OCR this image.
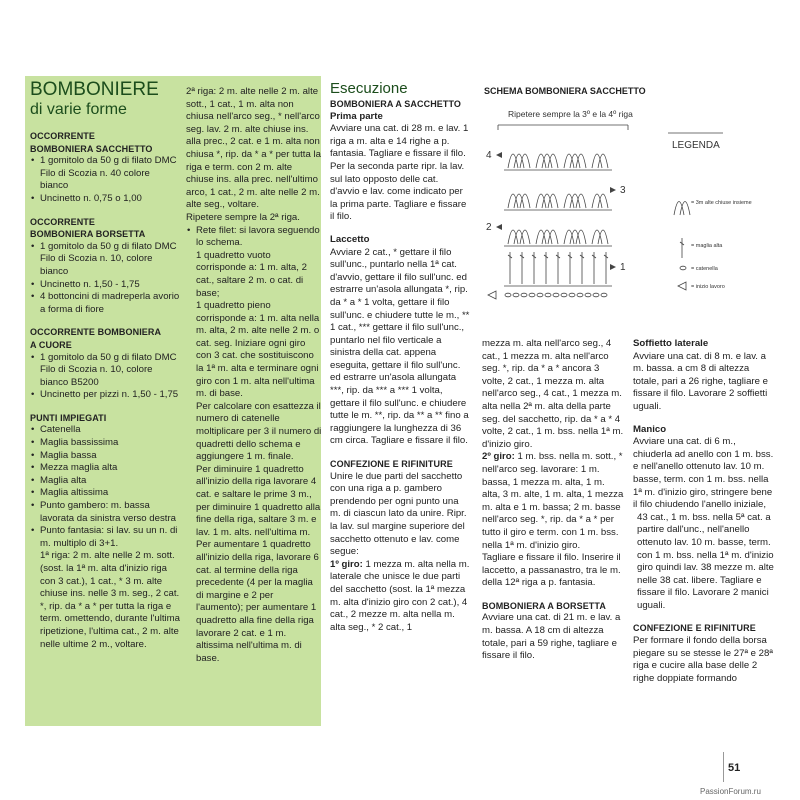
BOMBONIERE
di varie forme
OCCORRENTE
BOMBONIERA SACCHETTO
• 1 gomitolo da 50 g di filato DMC Filo di Scozia n. 40 colore bianco
• Uncinetto n. 0,75 o 1,00
OCCORRENTE
BOMBONIERA BORSETTA
• 1 gomitolo da 50 g di filato DMC Filo di Scozia n. 10, colore bianco
• Uncinetto n. 1,50 - 1,75
• 4 bottoncini di madreperla avorio a forma di fiore
OCCORRENTE BOMBONIERA
A CUORE
• 1 gomitolo da 50 g di filato DMC Filo di Scozia n. 10, colore bianco B5200
• Uncinetto per pizzi n. 1,50 - 1,75
PUNTI IMPIEGATI
• Catenella
• Maglia bassissima
• Maglia bassa
• Mezza maglia alta
• Maglia alta
• Maglia altissima
• Punto gambero: m. bassa lavorata da sinistra verso destra
• Punto fantasia: si lav. su un n. di m. multiplo di 3+1.

1ª riga: 2 m. alte nelle 2 m. sott. (sost. la 1ª m. alta d'inizio riga con 3 cat.), 1 cat., * 3 m. alte chiuse ins. nelle 3 m. seg., 2 cat. *, rip. da * a * per tutta la riga e term. omettendo, durante l'ultima ripetizione, l'ultima cat., 2 m. alte nelle ultime 2 m., voltare.

2ª riga: 2 m. alte nelle 2 m. alte sott., 1 cat., 1 m. alta non chiusa nell'arco seg., * nell'arco seg. lav. 2 m. alte chiuse ins. alla prec., 2 cat. e 1 m. alta non chiusa *, rip. da * a * per tutta la riga e term. con 2 m. alte chiuse ins. alla prec. nell'ultimo arco, 1 cat., 2 m. alte nelle 2 m. alte seg., voltare.

Ripetere sempre la 2ª riga.

• Rete filet: si lavora seguendo lo schema.

1 quadretto vuoto corrisponde a: 1 m. alta, 2 cat., saltare 2 m. o cat. di base;

1 quadretto pieno corrisponde a: 1 m. alta nella m. alta, 2 m. alte nelle 2 m. o cat. seg. Iniziare ogni giro con 3 cat. che sostituiscono la 1ª m. alta e terminare ogni giro con 1 m. alta nell'ultima m. di base.

Per calcolare con esattezza il numero di catenelle moltiplicare per 3 il numero di quadretti dello schema e aggiungere 1 m. finale.

Per diminuire 1 quadretto all'inizio della riga lavorare 4 cat. e saltare le prime 3 m., per diminuire 1 quadretto alla fine della riga, saltare 3 m. e lav. 1 m. alts. nell'ultima m.

Per aumentare 1 quadretto all'inizio della riga, lavorare 6 cat. al termine della riga precedente (4 per la maglia di margine e 2 per l'aumento); per aumentare 1 quadretto alla fine della riga lavorare 2 cat. e 1 m. altissima nell'ultima m. di base.

Esecuzione
BOMBONIERA A SACCHETTO
Prima parte

Avviare una cat. di 28 m. e lav. 1 riga a m. alta e 14 righe a p. fantasia. Tagliare e fissare il filo. Per la seconda parte ripr. la lav. sul lato opposto delle cat. d'avvio e lav. come indicato per la prima parte. Tagliare e fissare il filo.

Laccetto

Avviare 2 cat., * gettare il filo sull'unc., puntarlo nella 1ª cat. d'avvio, gettare il filo sull'unc. ed estrarre un'asola allungata *, rip. da * a * 1 volta, gettare il filo sull'unc. e chiudere tutte le m., ** 1 cat., *** gettare il filo sull'unc., puntarlo nel filo verticale a sinistra della cat. appena eseguita, gettare il filo sull'unc. ed estrarre un'asola allungata ***, rip. da *** a *** 1 volta, gettare il filo sull'unc. e chiudere tutte le m. **, rip. da ** a ** fino a raggiungere la lunghezza di 36 cm circa. Tagliare e fissare il filo.

CONFEZIONE E RIFINITURE

Unire le due parti del sacchetto con una riga a p. gambero prendendo per ogni punto una m. di ciascun lato da unire. Ripr. la lav. sul margine superiore del sacchetto ottenuto e lav. come segue:

1º giro: 1 mezza m. alta nella m. laterale che unisce le due parti del sacchetto (sost. la 1ª mezza m. alta d'inizio giro con 2 cat.), 4 cat., 2 mezze m. alta nella m. alta seg., * 2 cat., 1

SCHEMA BOMBONIERA SACCHETTO
Ripetere sempre la 3º e la 4º riga
4
3
2
1
LEGENDA
= 3m alte chiuse insieme
= maglia alta
= catenella
= inizio lavoro

mezza m. alta nell'arco seg., 4 cat., 1 mezza m. alta nell'arco seg. *, rip. da * a * ancora 3 volte, 2 cat., 1 mezza m. alta nell'arco seg., 4 cat., 1 mezza m. alta nella 2ª m. alta della parte seg. del sacchetto, rip. da * a * 4 volte, 2 cat., 1 m. bss. nella 1ª m. d'inizio giro.

2º giro: 1 m. bss. nella m. sott., * nell'arco seg. lavorare: 1 m. bassa, 1 mezza m. alta, 1 m. alta, 3 m. alte, 1 m. alta, 1 mezza m. alta e 1 m. bassa; 2 m. basse nell'arco seg. *, rip. da * a * per tutto il giro e term. con 1 m. bss. nella 1ª m. d'inizio giro.

Tagliare e fissare il filo. Inserire il laccetto, a passanastro, tra le m. della 12ª riga a p. fantasia.

BOMBONIERA A BORSETTA

Avviare una cat. di 21 m. e lav. a m. bassa. A 18 cm di altezza totale, pari a 59 righe, tagliare e fissare il filo.

Soffietto laterale

Avviare una cat. di 8 m. e lav. a m. bassa. a cm 8 di altezza totale, pari a 26 righe, tagliare e fissare il filo. Lavorare 2 soffietti uguali.

Manico

Avviare una cat. di 6 m., chiuderla ad anello con 1 m. bss. e nell'anello ottenuto lav. 10 m. basse, term. con 1 m. bss. nella 1ª m. d'inizio giro, stringere bene il filo chiudendo l'anello iniziale,

43 cat., 1 m. bss. nella 5ª cat. a partire dall'unc., nell'anello ottenuto lav. 10 m. basse, term. con 1 m. bss. nella 1ª m. d'inizio giro quindi lav. 38 mezze m. alte nelle 38 cat. libere. Tagliare e fissare il filo. Lavorare 2 manici uguali.

CONFEZIONE E RIFINITURE

Per formare il fondo della borsa piegare su se stesse le 27ª e 28ª riga e cucire alla base delle 2 righe doppiate formando

51
PassionForum.ru
